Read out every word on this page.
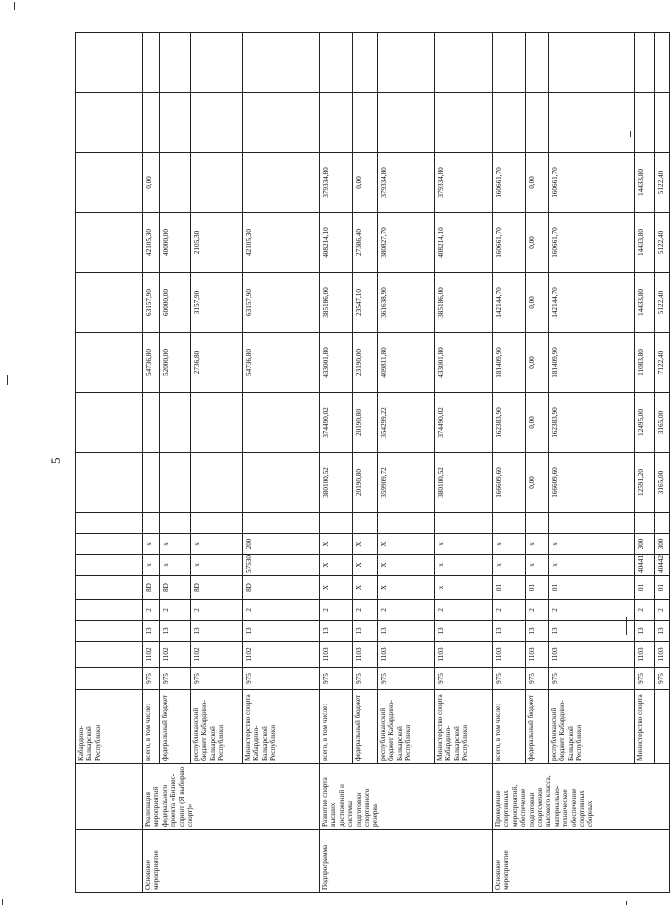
5
Кабардино-Балкарской Республики
Основное мероприятие
Реализация мероприятий федерального проекта «Бизнес-спринт (Я выбираю спорт)»
всего, в том числе:
975
1102
13
2
8D
x
x
54736,80
63157,90
42105,30
0,00
федеральный бюджет
975
1102
13
2
8D
x
x
52000,00
60000,00
40000,00
республиканский бюджет Кабардино-Балкарской Республики
975
1102
13
2
8D
x
x
2736,80
3157,90
2105,30
Министерство спорта Кабардино-Балкарской Республики
975
1102
13
2
8D
57530
200
54736,80
63157,90
42105,30
Подпрограмма
Развитие спорта высших достижений и системы подготовки спортивного резерва
всего, в том числе:
975
1103
13
2
X
X
X
380100,52
374490,02
433001,80
385186,00
408214,10
379334,80
федеральный бюджет
975
1103
13
2
X
X
X
20190,80
20190,80
23190,00
23547,10
27386,40
0,00
республиканский бюджет Кабардино-Балкарской Республики
975
1103
13
2
X
X
X
359909,72
354299,22
409811,80
361638,90
380827,70
379334,80
Министерство спорта Кабардино-Балкарской Республики
975
1103
13
2
x
x
x
380100,52
374490,02
433001,80
385186,00
408214,10
379334,80
Основное мероприятие
Проведение спортивных мероприятий, обеспечение подготовки спортсменов высокого класса, материально-техническое обеспечение спортивных сборных
всего, в том числе:
975
1103
13
2
01
x
x
166609,60
162383,90
181409,90
142144,70
160661,70
160661,70
федеральный бюджет
975
1103
13
2
01
x
x
0,00
0,00
0,00
0,00
0,00
0,00
республиканский бюджет Кабардино-Балкарской Республики
975
1103
13
2
01
x
x
166609,60
162383,90
181409,90
142144,70
160661,70
160661,70
Министерство спорта
975
1103
13
2
01
40441
300
12591,20
12495,00
11083,80
14433,80
14433,80
14433,80
975
1103
13
2
01
40442
300
3165,00
3165,00
7122,40
5122,40
5122,40
5122,40
